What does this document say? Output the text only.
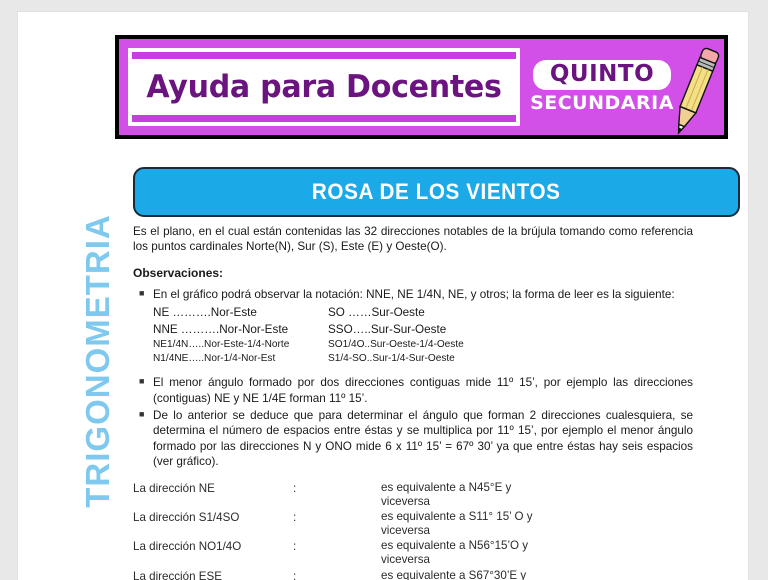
TRIGONOMETRIA
Ayuda para Docentes	QUINTO
SECUNDARIA
ROSA DE LOS VIENTOS
Es el plano, en el cual están contenidas las 32 direcciones notables de la brújula tomando como referencia los puntos cardinales Norte(N), Sur (S), Este (E) y Oeste(O).
Observaciones:
■ En el gráfico podrá observar la notación: NNE, NE 1/4N, NE, y otros; la forma de leer es la siguiente:
NE ……….Nor-Este	SO ……Sur-Oeste
NNE ……….Nor-Nor-Este	SSO…..Sur-Sur-Oeste
NE1/4N…..Nor-Este-1/4-Norte	SO1/4O..Sur-Oeste-1/4-Oeste
N1/4NE…..Nor-1/4-Nor-Est	S1/4-SO..Sur-1/4-Sur-Oeste
■ El menor ángulo formado por dos direcciones contiguas mide 11º 15’, por ejemplo las direcciones (contiguas) NE y NE 1/4E forman 11º 15’.
■ De lo anterior se deduce que para determinar el ángulo que forman 2 direcciones cualesquiera, se determina el número de espacios entre éstas y se multiplica por 11º 15’, por ejemplo el menor ángulo formado por las direcciones N y ONO mide 6 x 11º 15’ = 67º 30’ ya que entre éstas hay seis espacios (ver gráfico).
La dirección NE	:	es equivalente a N45°E y
viceversa
La dirección S1/4SO	:	es equivalente a S11° 15’ O y
viceversa
La dirección NO1/4O	:	es equivalente a N56°15’O y
viceversa
La dirección ESE	:	es equivalente a S67°30’E y
